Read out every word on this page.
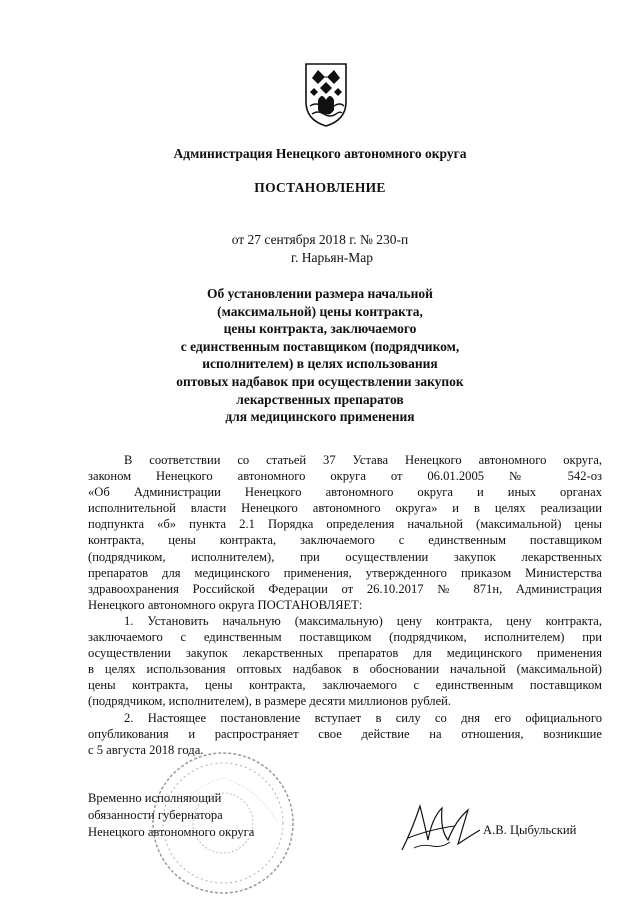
Администрация Ненецкого автономного округа
ПОСТАНОВЛЕНИЕ
от 27 сентября 2018 г. № 230-п
г. Нарьян-Мар
Об установлении размера начальной
(максимальной) цены контракта,
цены контракта, заключаемого
с единственным поставщиком (подрядчиком,
исполнителем) в целях использования
оптовых надбавок при осуществлении закупок
лекарственных препаратов
для медицинского применения
В соответствии со статьей 37 Устава Ненецкого автономного округа,
законом Ненецкого автономного округа от 06.01.2005 № 542-оз
«Об Администрации Ненецкого автономного округа и иных органах
исполнительной власти Ненецкого автономного округа» и в целях реализации
подпункта «б» пункта 2.1 Порядка определения начальной (максимальной) цены
контракта, цены контракта, заключаемого с единственным поставщиком
(подрядчиком, исполнителем), при осуществлении закупок лекарственных
препаратов для медицинского применения, утвержденного приказом Министерства
здравоохранения Российской Федерации от 26.10.2017 № 871н, Администрация
Ненецкого автономного округа ПОСТАНОВЛЯЕТ:
1. Установить начальную (максимальную) цену контракта, цену контракта,
заключаемого с единственным поставщиком (подрядчиком, исполнителем) при
осуществлении закупок лекарственных препаратов для медицинского применения
в целях использования оптовых надбавок в обосновании начальной (максимальной)
цены контракта, цены контракта, заключаемого с единственным поставщиком
(подрядчиком, исполнителем), в размере десяти миллионов рублей.
2. Настоящее постановление вступает в силу со дня его официального
опубликования и распространяет свое действие на отношения, возникшие
с 5 августа 2018 года.
Временно исполняющий
обязанности губернатора
Ненецкого автономного округа	А.В. Цыбульский
